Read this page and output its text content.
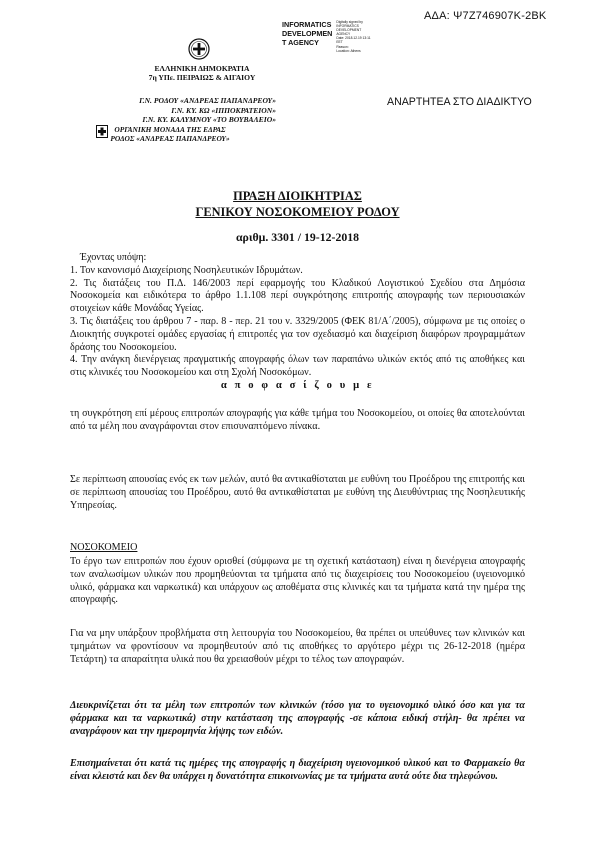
ΑΔΑ: Ψ7Ζ746907Κ-2ΒΚ
INFORMATICS
DEVELOPMEN
T AGENCY
Digitally signed by
INFORMATICS
DEVELOPMENT AGENCY
Date: 2018.12.19 13:11
EET
Reason:
Location: Athens
ΕΛΛΗΝΙΚΗ ΔΗΜΟΚΡΑΤΙΑ
7η ΥΠε. ΠΕΙΡΑΙΩΣ & ΑΙΓΑΙΟΥ
Γ.Ν. ΡΟΔΟΥ «ΑΝΔΡΕΑΣ ΠΑΠΑΝΔΡΕΟΥ»
Γ.Ν. ΚΥ. ΚΩ «ΙΠΠΟΚΡΑΤΕΙΟΝ»
Γ.Ν. ΚΥ. ΚΑΛΥΜΝΟΥ «ΤΟ ΒΟΥΒΑΛΕΙΟ»
ΟΡΓΑΝΙΚΗ ΜΟΝΑΔΑ ΤΗΣ ΕΔΡΑΣ
ΡΟΔΟΣ «ΑΝΔΡΕΑΣ ΠΑΠΑΝΔΡΕΟΥ»
ΑΝΑΡΤΗΤΕΑ ΣΤΟ ΔΙΑΔΙΚΤΥΟ
ΠΡΑΞΗ ΔΙΟΙΚΗΤΡΙΑΣ
ΓΕΝΙΚΟΥ ΝΟΣΟΚΟΜΕΙΟΥ ΡΟΔΟΥ
αριθμ. 3301 / 19-12-2018

Έχοντας υπόψη:

1. Τον κανονισμό Διαχείρισης Νοσηλευτικών Ιδρυμάτων.

2. Τις διατάξεις του Π.Δ. 146/2003 περί εφαρμογής του Κλαδικού Λογιστικού Σχεδίου στα Δημόσια Νοσοκομεία και ειδικότερα το άρθρο 1.1.108 περί συγκρότησης επιτροπής απογραφής των περιουσιακών στοιχείων κάθε Μονάδας Υγείας.

3. Τις διατάξεις του άρθρου 7 - παρ. 8 - περ. 21 του ν. 3329/2005 (ΦΕΚ 81/Α΄/2005), σύμφωνα με τις οποίες ο Διοικητής συγκροτεί ομάδες εργασίας ή επιτροπές για τον σχεδιασμό και διαχείριση διαφόρων προγραμμάτων δράσης του Νοσοκομείου.

4. Την ανάγκη διενέργειας πραγματικής απογραφής όλων των παραπάνω υλικών εκτός από τις αποθήκες και στις κλινικές του Νοσοκομείου και στη Σχολή Νοσοκόμων.

α π ο φ α σ ί ζ ο υ μ ε
τη συγκρότηση επί μέρους επιτροπών απογραφής για κάθε τμήμα του Νοσοκομείου, οι οποίες θα αποτελούνται από τα μέλη που αναγράφονται στον επισυναπτόμενο πίνακα.
Σε περίπτωση απουσίας ενός εκ των μελών, αυτό θα αντικαθίσταται με ευθύνη του Προέδρου της επιτροπής και σε περίπτωση απουσίας του Προέδρου, αυτό θα αντικαθίσταται με ευθύνη της Διευθύντριας της Νοσηλευτικής Υπηρεσίας.
ΝΟΣΟΚΟΜΕΙΟ
Το έργο των επιτροπών που έχουν ορισθεί (σύμφωνα με τη σχετική κατάσταση) είναι η διενέργεια απογραφής των αναλωσίμων υλικών που προμηθεύονται τα τμήματα από τις διαχειρίσεις του Νοσοκομείου (υγειονομικό υλικό, φάρμακα και ναρκωτικά) και υπάρχουν ως αποθέματα στις κλινικές και τα τμήματα κατά την ημέρα της απογραφής.
Για να μην υπάρξουν προβλήματα στη λειτουργία του Νοσοκομείου, θα πρέπει οι υπεύθυνες των κλινικών και τμημάτων να φροντίσουν να προμηθευτούν από τις αποθήκες το αργότερο μέχρι τις 26-12-2018 (ημέρα Τετάρτη) τα απαραίτητα υλικά που θα χρειασθούν μέχρι το τέλος των απογραφών.
Διευκρινίζεται ότι τα μέλη των επιτροπών των κλινικών (τόσο για το υγειονομικό υλικό όσο και για τα φάρμακα και τα ναρκωτικά) στην κατάσταση της απογραφής -σε κάποια ειδική στήλη- θα πρέπει να αναγράφουν και την ημερομηνία λήψης των ειδών.
Επισημαίνεται ότι κατά τις ημέρες της απογραφής η διαχείριση υγειονομικού υλικού και το Φαρμακείο θα είναι κλειστά και δεν θα υπάρχει η δυνατότητα επικοινωνίας με τα τμήματα αυτά ούτε δια τηλεφώνου.
